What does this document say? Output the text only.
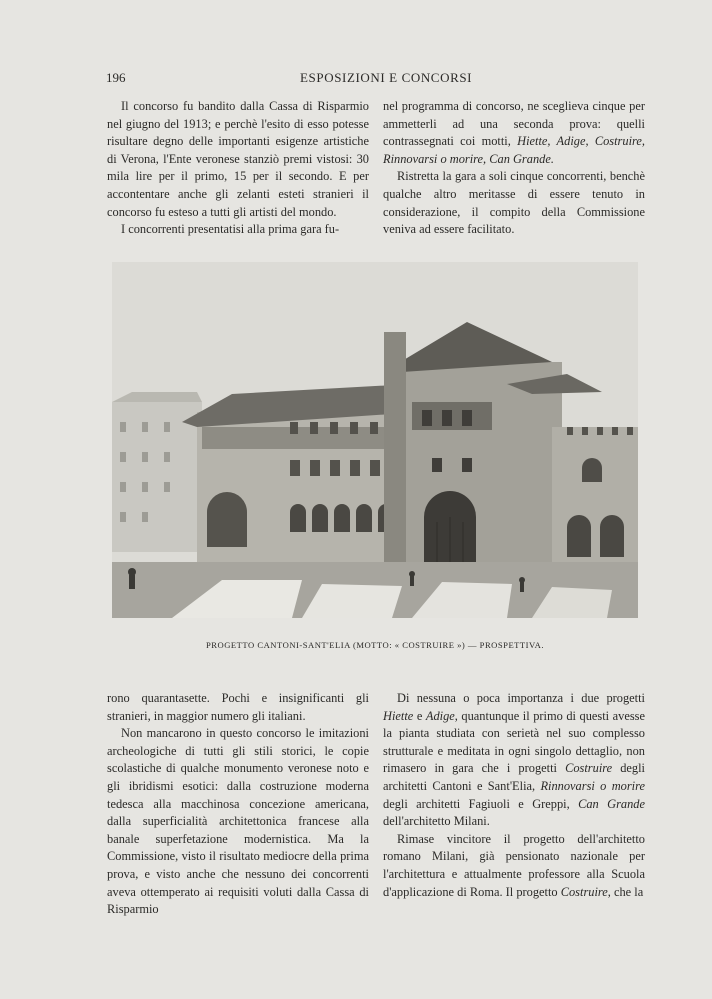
196	ESPOSIZIONI E CONCORSI

Il concorso fu bandito dalla Cassa di Risparmio nel giugno del 1913; e perchè l'esito di esso potesse risultare degno delle importanti esigenze artistiche di Verona, l'Ente veronese stanziò premi vistosi: 30 mila lire per il primo, 15 per il secondo. E per accontentare anche gli zelanti esteti stranieri il concorso fu esteso a tutti gli artisti del mondo.

I concorrenti presentatisi alla prima gara fu-

nel programma di concorso, ne sceglieva cinque per ammetterli ad una seconda prova: quelli contrassegnati coi motti, Hiette, Adige, Costruire, Rinnovarsi o morire, Can Grande.

Ristretta la gara a soli cinque concorrenti, benchè qualche altro meritasse di essere tenuto in considerazione, il compito della Commissione veniva ad essere facilitato.

PROGETTO CANTONI-SANT'ELIA (MOTTO: « COSTRUIRE ») — PROSPETTIVA.

rono quarantasette. Pochi e insignificanti gli stranieri, in maggior numero gli italiani.

Non mancarono in questo concorso le imitazioni archeologiche di tutti gli stili storici, le copie scolastiche di qualche monumento veronese noto e gli ibridismi esotici: dalla costruzione moderna tedesca alla macchinosa concezione americana, dalla superficialità architettonica francese alla banale superfetazione modernistica. Ma la Commissione, visto il risultato mediocre della prima prova, e visto anche che nessuno dei concorrenti aveva ottemperato ai requisiti voluti dalla Cassa di Risparmio

Di nessuna o poca importanza i due progetti Hiette e Adige, quantunque il primo di questi avesse la pianta studiata con serietà nel suo complesso strutturale e meditata in ogni singolo dettaglio, non rimasero in gara che i progetti Costruire degli architetti Cantoni e Sant'Elia, Rinnovarsi o morire degli architetti Fagiuoli e Greppi, Can Grande dell'architetto Milani.

Rimase vincitore il progetto dell'architetto romano Milani, già pensionato nazionale per l'architettura e attualmente professore alla Scuola d'applicazione di Roma. Il progetto Costruire, che la
